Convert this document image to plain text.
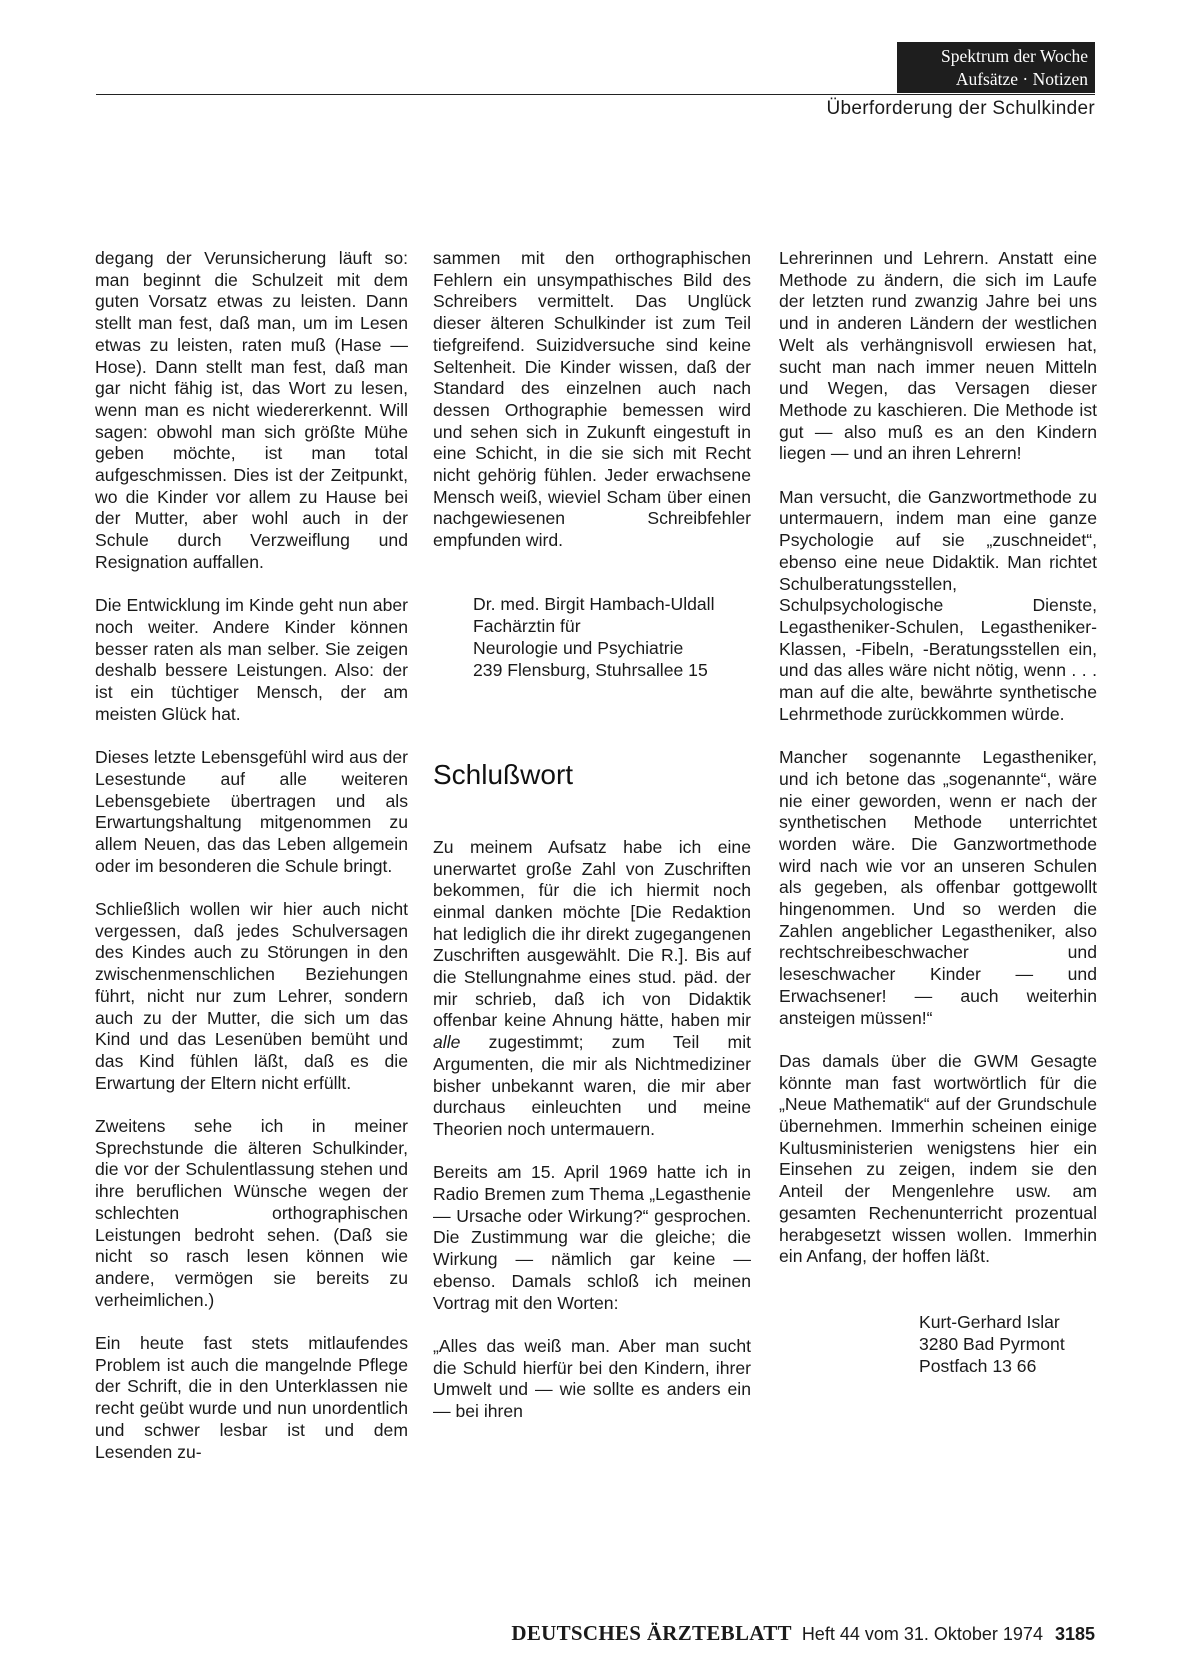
Spektrum der Woche
Aufsätze · Notizen
Überforderung der Schulkinder

degang der Verunsicherung läuft so: man beginnt die Schulzeit mit dem guten Vorsatz etwas zu leisten. Dann stellt man fest, daß man, um im Lesen etwas zu leisten, raten muß (Hase — Hose). Dann stellt man fest, daß man gar nicht fähig ist, das Wort zu lesen, wenn man es nicht wiedererkennt. Will sagen: obwohl man sich größte Mühe geben möchte, ist man total aufgeschmissen. Dies ist der Zeitpunkt, wo die Kinder vor allem zu Hause bei der Mutter, aber wohl auch in der Schule durch Verzweiflung und Resignation auffallen.

Die Entwicklung im Kinde geht nun aber noch weiter. Andere Kinder können besser raten als man selber. Sie zeigen deshalb bessere Leistungen. Also: der ist ein tüchtiger Mensch, der am meisten Glück hat.

Dieses letzte Lebensgefühl wird aus der Lesestunde auf alle weiteren Lebensgebiete übertragen und als Erwartungshaltung mitgenommen zu allem Neuen, das das Leben allgemein oder im besonderen die Schule bringt.

Schließlich wollen wir hier auch nicht vergessen, daß jedes Schulversagen des Kindes auch zu Störungen in den zwischenmenschlichen Beziehungen führt, nicht nur zum Lehrer, sondern auch zu der Mutter, die sich um das Kind und das Lesenüben bemüht und das Kind fühlen läßt, daß es die Erwartung der Eltern nicht erfüllt.

Zweitens sehe ich in meiner Sprechstunde die älteren Schulkinder, die vor der Schulentlassung stehen und ihre beruflichen Wünsche wegen der schlechten orthographischen Leistungen bedroht sehen. (Daß sie nicht so rasch lesen können wie andere, vermögen sie bereits zu verheimlichen.)

Ein heute fast stets mitlaufendes Problem ist auch die mangelnde Pflege der Schrift, die in den Unterklassen nie recht geübt wurde und nun unordentlich und schwer lesbar ist und dem Lesenden zu-

sammen mit den orthographischen Fehlern ein unsympathisches Bild des Schreibers vermittelt. Das Unglück dieser älteren Schulkinder ist zum Teil tiefgreifend. Suizidversuche sind keine Seltenheit. Die Kinder wissen, daß der Standard des einzelnen auch nach dessen Orthographie bemessen wird und sehen sich in Zukunft eingestuft in eine Schicht, in die sie sich mit Recht nicht gehörig fühlen. Jeder erwachsene Mensch weiß, wieviel Scham über einen nachgewiesenen Schreibfehler empfunden wird.

Dr. med. Birgit Hambach-Uldall
Fachärztin für
Neurologie und Psychiatrie
239 Flensburg, Stuhrsallee 15
Schlußwort

Zu meinem Aufsatz habe ich eine unerwartet große Zahl von Zuschriften bekommen, für die ich hiermit noch einmal danken möchte [Die Redaktion hat lediglich die ihr direkt zugegangenen Zuschriften ausgewählt. Die R.]. Bis auf die Stellungnahme eines stud. päd. der mir schrieb, daß ich von Didaktik offenbar keine Ahnung hätte, haben mir alle zugestimmt; zum Teil mit Argumenten, die mir als Nichtmediziner bisher unbekannt waren, die mir aber durchaus einleuchten und meine Theorien noch untermauern.

Bereits am 15. April 1969 hatte ich in Radio Bremen zum Thema „Legasthenie — Ursache oder Wirkung?“ gesprochen. Die Zustimmung war die gleiche; die Wirkung — nämlich gar keine — ebenso. Damals schloß ich meinen Vortrag mit den Worten:

„Alles das weiß man. Aber man sucht die Schuld hierfür bei den Kindern, ihrer Umwelt und — wie sollte es anders ein — bei ihren

Lehrerinnen und Lehrern. Anstatt eine Methode zu ändern, die sich im Laufe der letzten rund zwanzig Jahre bei uns und in anderen Ländern der westlichen Welt als verhängnisvoll erwiesen hat, sucht man nach immer neuen Mitteln und Wegen, das Versagen dieser Methode zu kaschieren. Die Methode ist gut — also muß es an den Kindern liegen — und an ihren Lehrern!

Man versucht, die Ganzwortmethode zu untermauern, indem man eine ganze Psychologie auf sie „zuschneidet“, ebenso eine neue Didaktik. Man richtet Schulberatungsstellen, Schulpsychologische Dienste, Legastheniker-Schulen, Legastheniker-Klassen, -Fibeln, -Beratungsstellen ein, und das alles wäre nicht nötig, wenn . . . man auf die alte, bewährte synthetische Lehrmethode zurückkommen würde.

Mancher sogenannte Legastheniker, und ich betone das „sogenannte“, wäre nie einer geworden, wenn er nach der synthetischen Methode unterrichtet worden wäre. Die Ganzwortmethode wird nach wie vor an unseren Schulen als gegeben, als offenbar gottgewollt hingenommen. Und so werden die Zahlen angeblicher Legastheniker, also rechtschreibeschwacher und leseschwacher Kinder — und Erwachsener! — auch weiterhin ansteigen müssen!“

Das damals über die GWM Gesagte könnte man fast wortwörtlich für die „Neue Mathematik“ auf der Grundschule übernehmen. Immerhin scheinen einige Kultusministerien wenigstens hier ein Einsehen zu zeigen, indem sie den Anteil der Mengenlehre usw. am gesamten Rechenunterricht prozentual herabgesetzt wissen wollen. Immerhin ein Anfang, der hoffen läßt.

Kurt-Gerhard Islar
3280 Bad Pyrmont
Postfach 13 66
DEUTSCHES ÄRZTEBLATT Heft 44 vom 31. Oktober 1974 3185
